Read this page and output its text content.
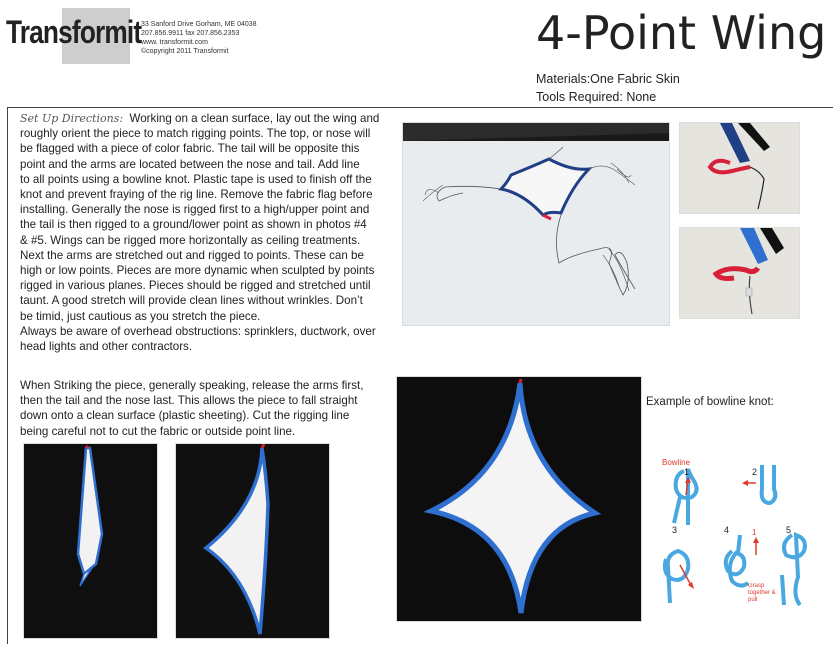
Transformit 33 Sanford Drive Gorham, ME 04038
207.856.9911 fax 207.856.2353
www. transformit.com
©copyright 2011 Transformit	4-Point Wing
Materials:One Fabric Skin
Tools Required: None
Set Up Directions: Working on a clean surface, lay out the wing and
roughly orient the piece to match rigging points. The top, or nose will
be flagged with a piece of color fabric. The tail will be opposite this
point and the arms are located between the nose and tail. Add line
to all points using a bowline knot. Plastic tape is used to finish off the
knot and prevent fraying of the rig line. Remove the fabric flag before
installing. Generally the nose is rigged first to a high/upper point and
the tail is then rigged to a ground/lower point as shown in photos #4
& #5. Wings can be rigged more horizontally as ceiling treatments.
Next the arms are stretched out and rigged to points. These can be
high or low points. Pieces are more dynamic when sculpted by points
rigged in various planes. Pieces should be rigged and stretched until
taunt. A good stretch will provide clean lines without wrinkles. Don’t
be timid, just cautious as you stretch the piece.
Always be aware of overhead obstructions: sprinklers, ductwork, over
head lights and other contractors.
When Striking the piece, generally speaking, release the arms first,
then the tail and the nose last. This allows the piece to fall straight
down onto a clean surface (plastic sheeting). Cut the rigging line
being careful not to cut the fabric or outside point line.
Example of bowline knot:
Bowline
1	2
3	4	1	5
Grasp together & pull
